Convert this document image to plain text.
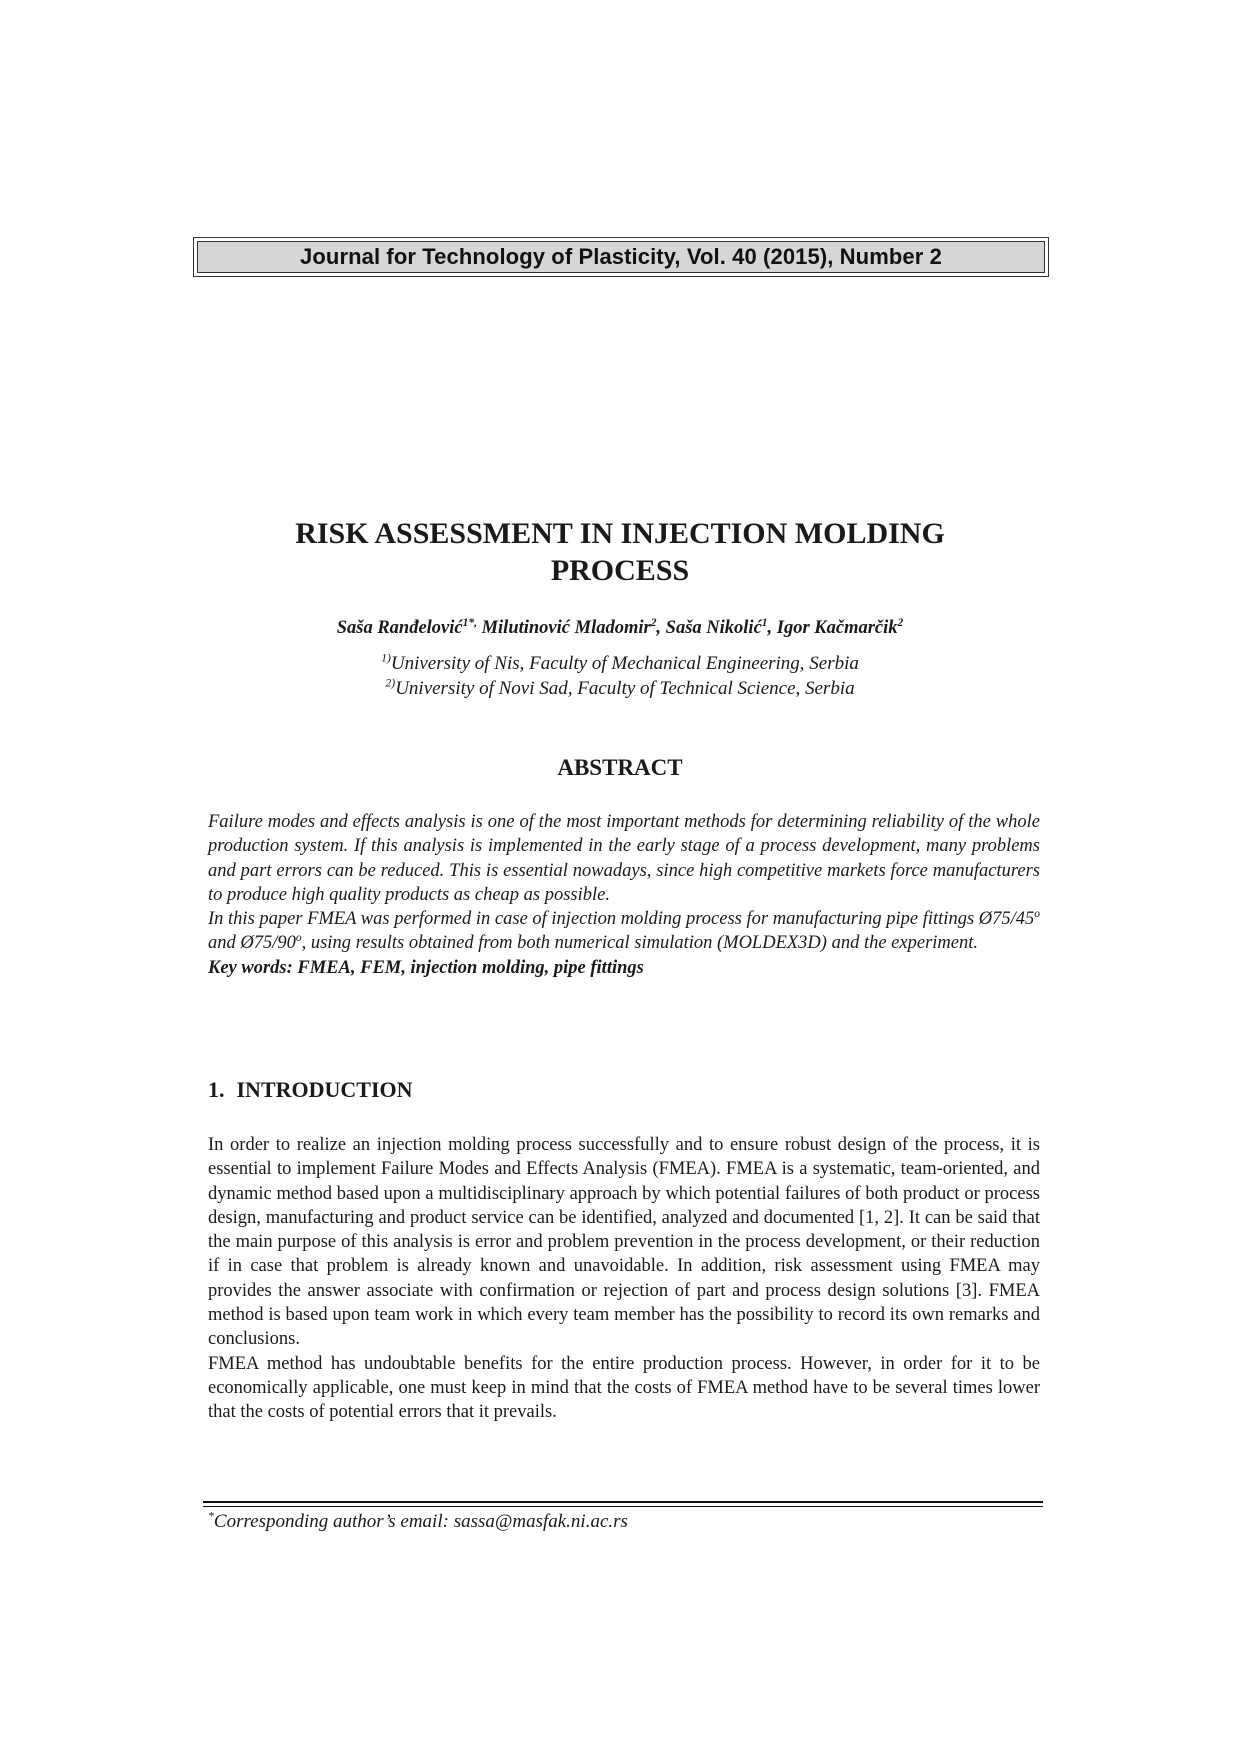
Journal for Technology of Plasticity, Vol. 40 (2015), Number 2
RISK ASSESSMENT IN INJECTION MOLDING
PROCESS
Saša Ranđelović$^{1*,}$ Milutinović Mladomir$^2$, Saša Nikolić$^1$, Igor Kačmarčik$^2$
$^{1)}$University of Nis, Faculty of Mechanical Engineering, Serbia
$^{2)}$University of Novi Sad, Faculty of Technical Science, Serbia
ABSTRACT

Failure modes and effects analysis is one of the most important methods for determining reliability of the whole production system. If this analysis is implemented in the early stage of a process development, many problems and part errors can be reduced. This is essential nowadays, since high competitive markets force manufacturers to produce high quality products as cheap as possible.

In this paper FMEA was performed in case of injection molding process for manufacturing pipe fittings Ø75/45$^o$ and Ø75/90$^o$, using results obtained from both numerical simulation (MOLDEX3D) and the experiment.

Key words: FMEA, FEM, injection molding, pipe fittings

1. INTRODUCTION

In order to realize an injection molding process successfully and to ensure robust design of the process, it is essential to implement Failure Modes and Effects Analysis (FMEA). FMEA is a systematic, team-oriented, and dynamic method based upon a multidisciplinary approach by which potential failures of both product or process design, manufacturing and product service can be identified, analyzed and documented [1, 2]. It can be said that the main purpose of this analysis is error and problem prevention in the process development, or their reduction if in case that problem is already known and unavoidable. In addition, risk assessment using FMEA may provides the answer associate with confirmation or rejection of part and process design solutions [3]. FMEA method is based upon team work in which every team member has the possibility to record its own remarks and conclusions.

FMEA method has undoubtable benefits for the entire production process. However, in order for it to be economically applicable, one must keep in mind that the costs of FMEA method have to be several times lower that the costs of potential errors that it prevails.

*Corresponding author’s email: sassa@masfak.ni.ac.rs
